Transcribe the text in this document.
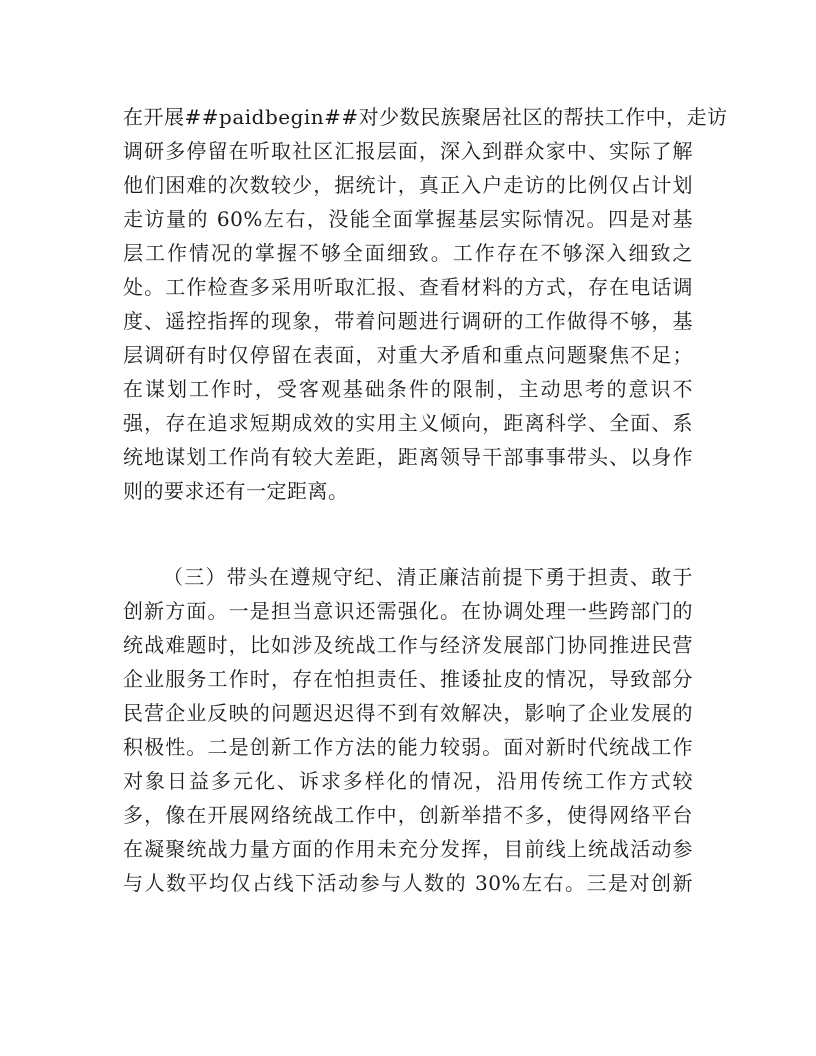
在开展##paidbegin##对少数民族聚居社区的帮扶工作中，走访
调研多停留在听取社区汇报层面，深入到群众家中、实际了解
他们困难的次数较少，据统计，真正入户走访的比例仅占计划
走访量的 60%左右，没能全面掌握基层实际情况。四是对基
层工作情况的掌握不够全面细致。工作存在不够深入细致之
处。工作检查多采用听取汇报、查看材料的方式，存在电话调
度、遥控指挥的现象，带着问题进行调研的工作做得不够，基
层调研有时仅停留在表面，对重大矛盾和重点问题聚焦不足；
在谋划工作时，受客观基础条件的限制，主动思考的意识不
强，存在追求短期成效的实用主义倾向，距离科学、全面、系
统地谋划工作尚有较大差距，距离领导干部事事带头、以身作
则的要求还有一定距离。
（三）带头在遵规守纪、清正廉洁前提下勇于担责、敢于
创新方面。一是担当意识还需强化。在协调处理一些跨部门的
统战难题时，比如涉及统战工作与经济发展部门协同推进民营
企业服务工作时，存在怕担责任、推诿扯皮的情况，导致部分
民营企业反映的问题迟迟得不到有效解决，影响了企业发展的
积极性。二是创新工作方法的能力较弱。面对新时代统战工作
对象日益多元化、诉求多样化的情况，沿用传统工作方式较
多，像在开展网络统战工作中，创新举措不多，使得网络平台
在凝聚统战力量方面的作用未充分发挥，目前线上统战活动参
与人数平均仅占线下活动参与人数的 30%左右。三是对创新
